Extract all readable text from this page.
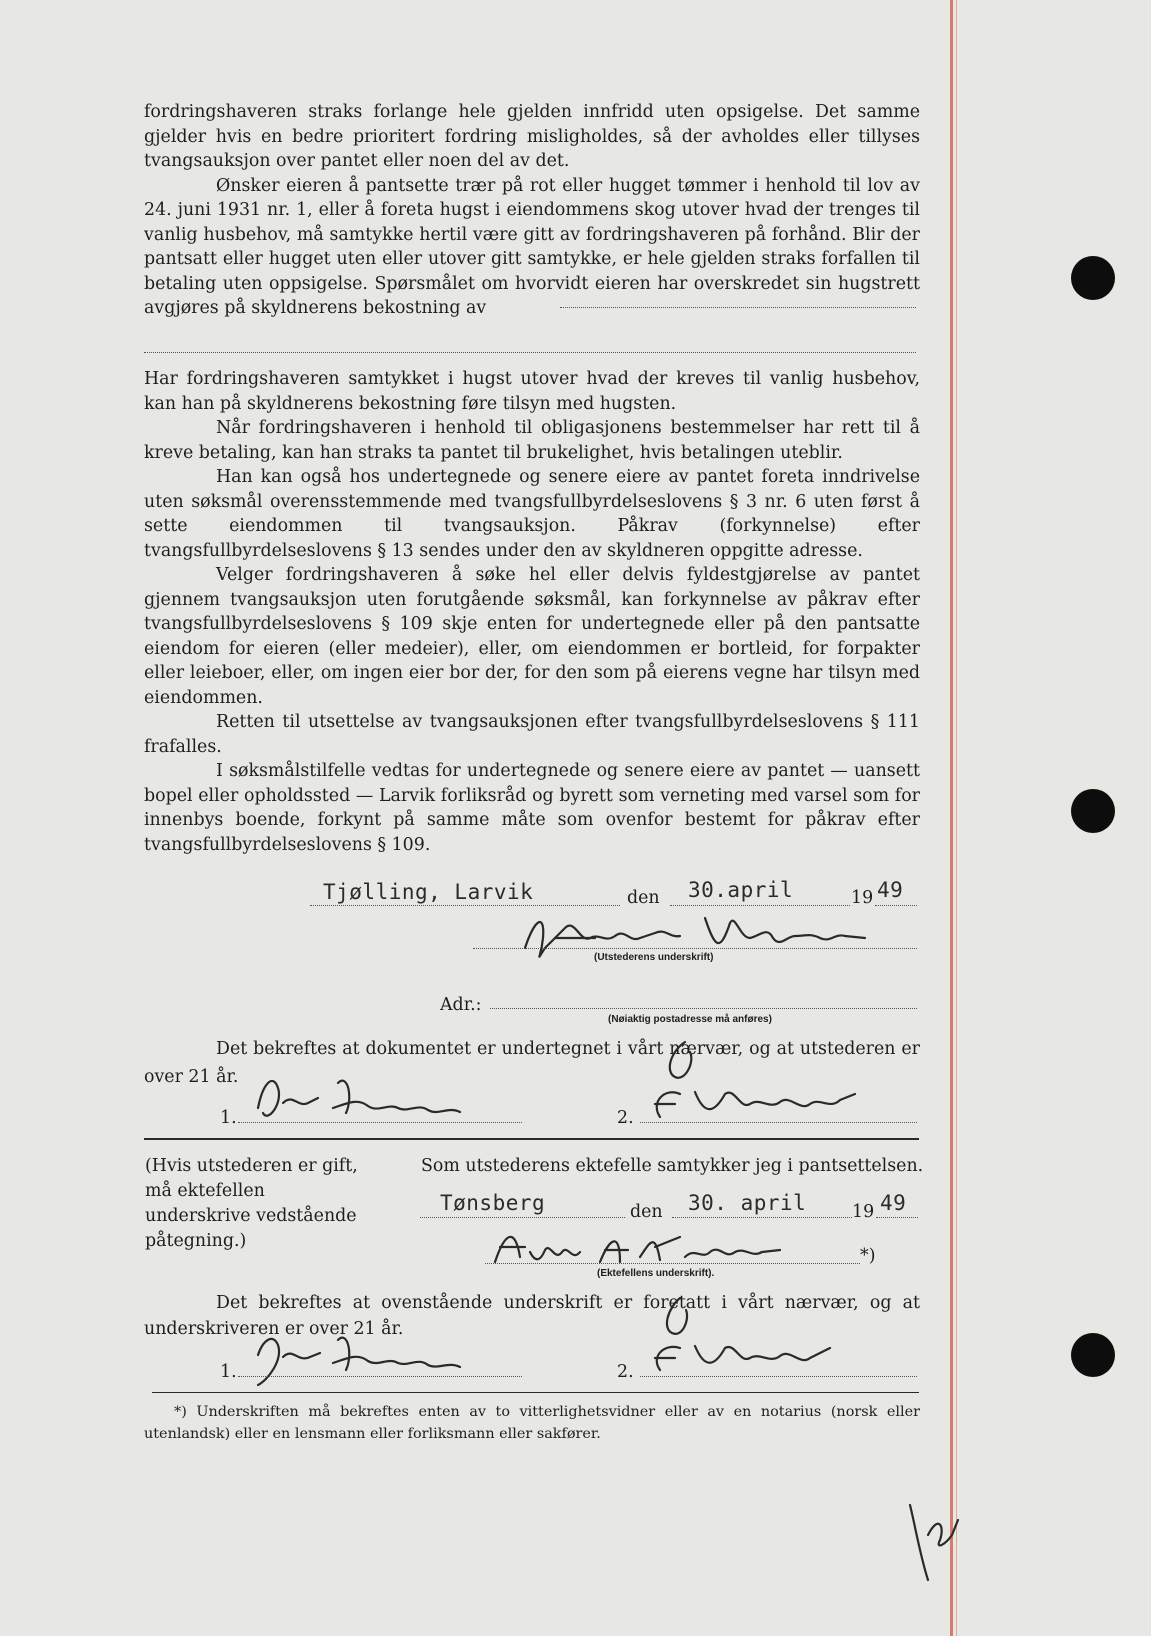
fordringshaveren straks forlange hele gjelden innfridd uten opsigelse. Det samme gjelder hvis en bedre prioritert fordring misligholdes, så der avholdes eller tillyses tvangsauksjon over pantet eller noen del av det.

Ønsker eieren å pantsette trær på rot eller hugget tømmer i henhold til lov av 24. juni 1931 nr. 1, eller å foreta hugst i eiendommens skog utover hvad der trenges til vanlig husbehov, må samtykke hertil være gitt av fordringshaveren på forhånd. Blir der pantsatt eller hugget uten eller utover gitt samtykke, er hele gjelden straks forfallen til betaling uten oppsigelse. Spørsmålet om hvorvidt eieren har overskredet sin hugstrett avgjøres på skyldnerens bekostning av

Har fordringshaveren samtykket i hugst utover hvad der kreves til vanlig husbehov, kan han på skyldnerens bekostning føre tilsyn med hugsten.

Når fordringshaveren i henhold til obligasjonens bestemmelser har rett til å kreve betaling, kan han straks ta pantet til brukelighet, hvis betalingen uteblir.

Han kan også hos undertegnede og senere eiere av pantet foreta inndrivelse uten søksmål overensstemmende med tvangsfullbyrdelseslovens § 3 nr. 6 uten først å sette eiendommen til tvangsauksjon. Påkrav (forkynnelse) efter tvangsfullbyrdelseslovens § 13 sendes under den av skyldneren oppgitte adresse.

Velger fordringshaveren å søke hel eller delvis fyldestgjørelse av pantet gjennem tvangsauksjon uten forutgående søksmål, kan forkynnelse av påkrav efter tvangsfullbyrdelseslovens § 109 skje enten for undertegnede eller på den pantsatte eiendom for eieren (eller medeier), eller, om eiendommen er bortleid, for forpakter eller leieboer, eller, om ingen eier bor der, for den som på eierens vegne har tilsyn med eiendommen.

Retten til utsettelse av tvangsauksjonen efter tvangsfullbyrdelseslovens § 111 frafalles.

I søksmålstilfelle vedtas for undertegnede og senere eiere av pantet — uansett bopel eller opholdssted — Larvik forliksråd og byrett som verneting med varsel som for innenbys boende, forkynt på samme måte som ovenfor bestemt for påkrav efter tvangsfullbyrdelseslovens § 109.

Tjølling, Larvik	den 30.april	19 49
(Utstederens underskrift)
Adr.:
(Nøiaktig postadresse må anføres)

Det bekreftes at dokumentet er undertegnet i vårt nærvær, og at utstederen er over 21 år.

1.	2.
(Hvis utstederen er gift, må ektefellen underskrive vedstående påtegning.)
Som utstederens ektefelle samtykker jeg i pantsettelsen.
Tønsberg	den 30. april	19 49
*)
(Ektefellens underskrift).

Det bekreftes at ovenstående underskrift er foretatt i vårt nærvær, og at underskriveren er over 21 år.

1.	2.

*) Underskriften må bekreftes enten av to vitterlighetsvidner eller av en notarius (norsk eller utenlandsk) eller en lensmann eller forliksmann eller sakfører.
